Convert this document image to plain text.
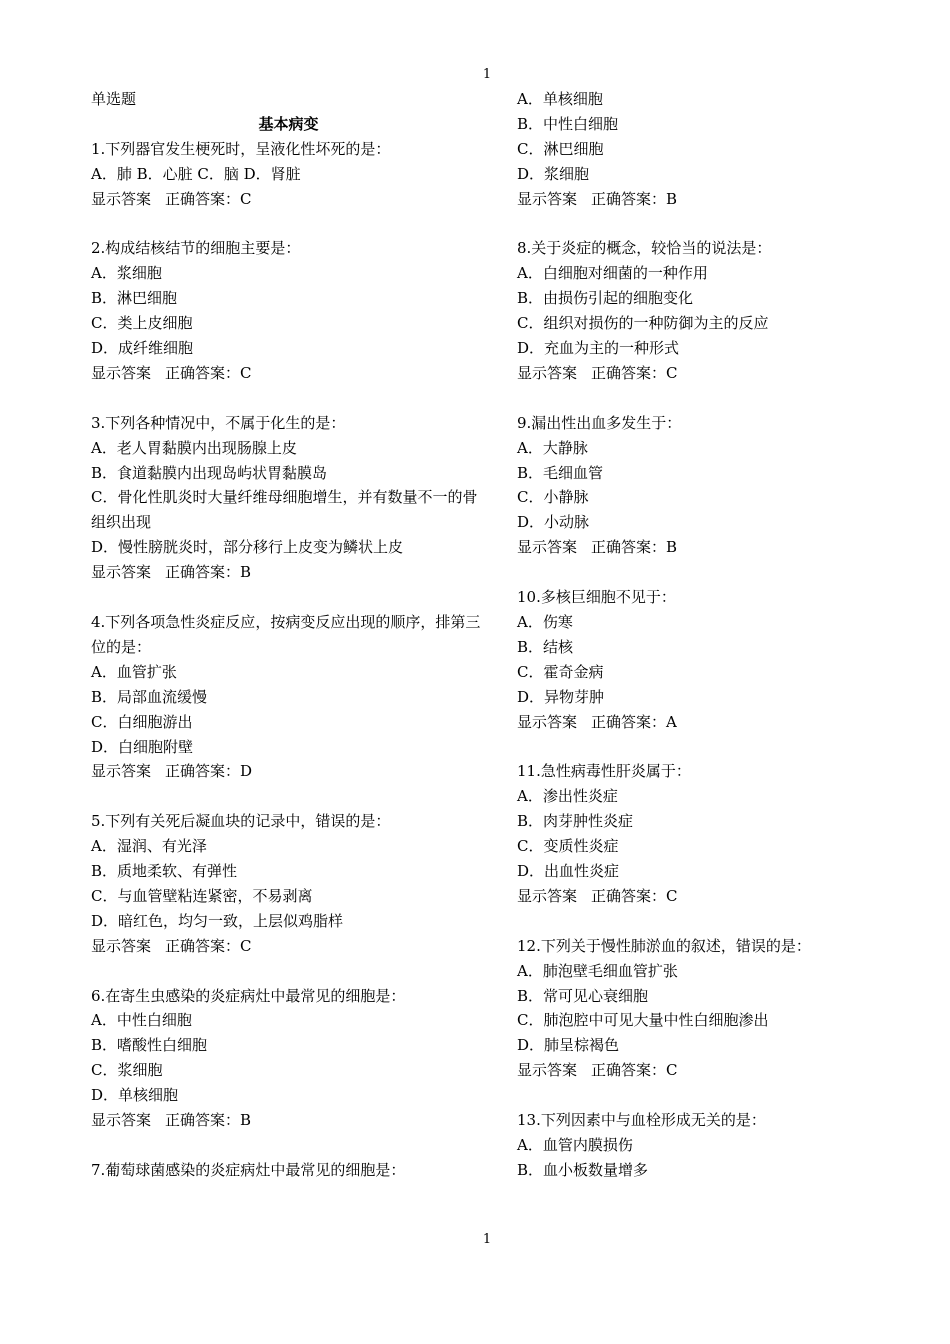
1
单选题
基本病变
1.下列器官发生梗死时，呈液化性坏死的是：
A．肺 B．心脏 C．脑 D．肾脏
显示答案 正确答案：C
2.构成结核结节的细胞主要是：
A．浆细胞
B．淋巴细胞
C．类上皮细胞
D．成纤维细胞
显示答案 正确答案：C
3.下列各种情况中，不属于化生的是：
A．老人胃黏膜内出现肠腺上皮
B．食道黏膜内出现岛屿状胃黏膜岛
C．骨化性肌炎时大量纤维母细胞增生，并有数量不一的骨组织出现
D．慢性膀胱炎时，部分移行上皮变为鳞状上皮
显示答案 正确答案：B
4.下列各项急性炎症反应，按病变反应出现的顺序，排第三位的是：
A．血管扩张
B．局部血流缓慢
C．白细胞游出
D．白细胞附壁
显示答案 正确答案：D
5.下列有关死后凝血块的记录中，错误的是：
A．湿润、有光泽
B．质地柔软、有弹性
C．与血管壁粘连紧密，不易剥离
D．暗红色，均匀一致，上层似鸡脂样
显示答案 正确答案：C
6.在寄生虫感染的炎症病灶中最常见的细胞是：
A．中性白细胞
B．嗜酸性白细胞
C．浆细胞
D．单核细胞
显示答案 正确答案：B
7.葡萄球菌感染的炎症病灶中最常见的细胞是：
A．单核细胞
B．中性白细胞
C．淋巴细胞
D．浆细胞
显示答案 正确答案：B
8.关于炎症的概念，较恰当的说法是：
A．白细胞对细菌的一种作用
B．由损伤引起的细胞变化
C．组织对损伤的一种防御为主的反应
D．充血为主的一种形式
显示答案 正确答案：C
9.漏出性出血多发生于：
A．大静脉
B．毛细血管
C．小静脉
D．小动脉
显示答案 正确答案：B
10.多核巨细胞不见于：
A．伤寒
B．结核
C．霍奇金病
D．异物芽肿
显示答案 正确答案：A
11.急性病毒性肝炎属于：
A．渗出性炎症
B．肉芽肿性炎症
C．变质性炎症
D．出血性炎症
显示答案 正确答案：C
12.下列关于慢性肺淤血的叙述，错误的是：
A．肺泡壁毛细血管扩张
B．常可见心衰细胞
C．肺泡腔中可见大量中性白细胞渗出
D．肺呈棕褐色
显示答案 正确答案：C
13.下列因素中与血栓形成无关的是：
A．血管内膜损伤
B．血小板数量增多
1
